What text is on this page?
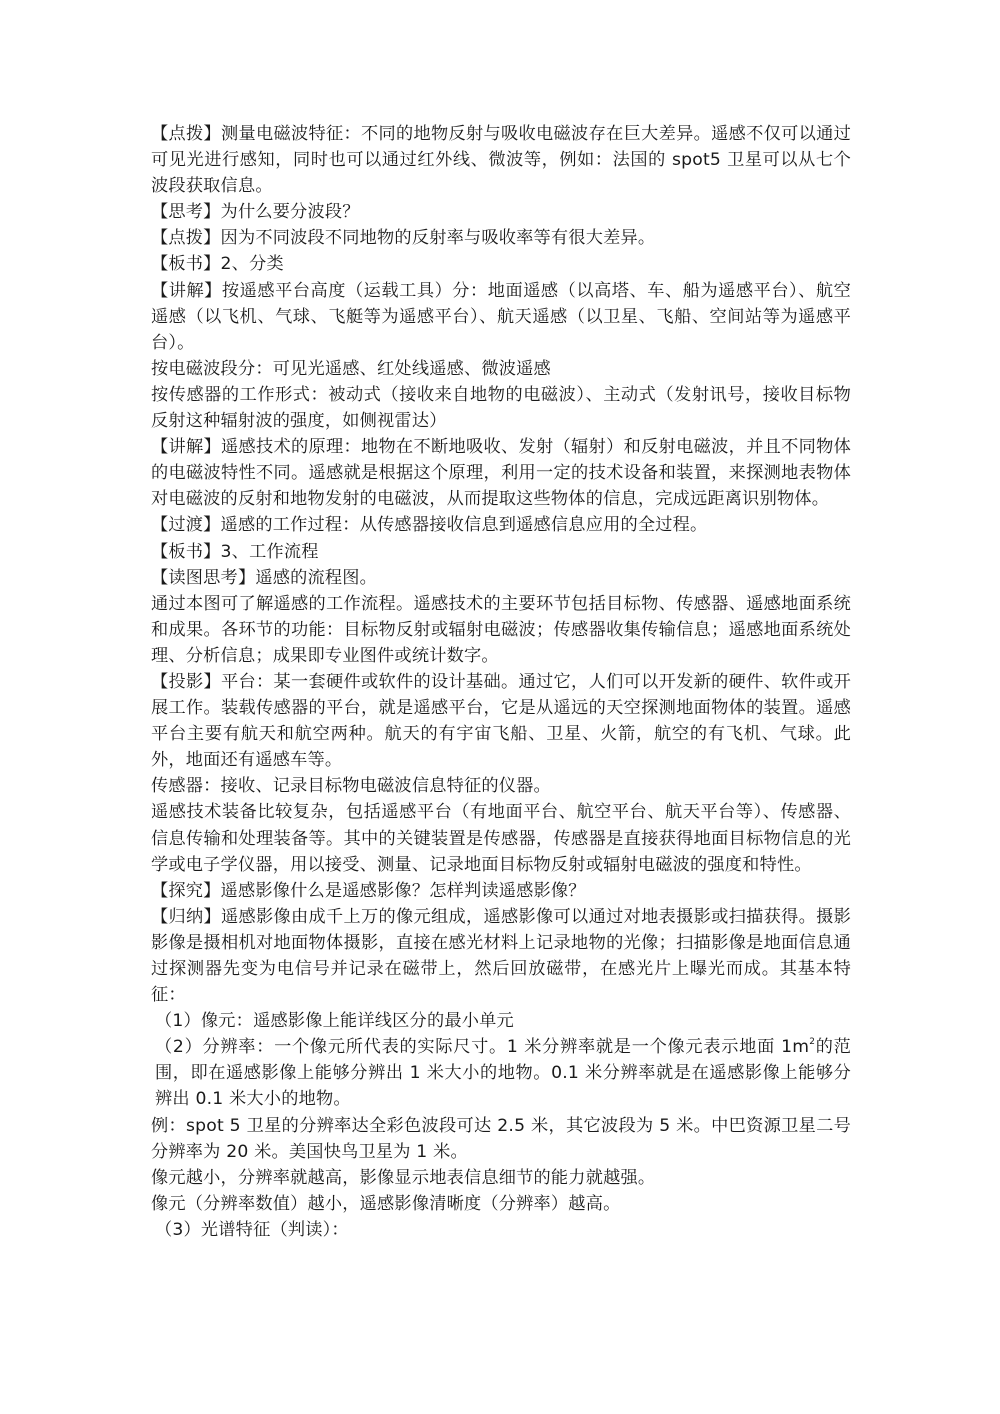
【点拨】测量电磁波特征：不同的地物反射与吸收电磁波存在巨大差异。遥感不仅可以通过可见光进行感知，同时也可以通过红外线、微波等，例如：法国的 spot5 卫星可以从七个波段获取信息。

【思考】为什么要分波段？

【点拨】因为不同波段不同地物的反射率与吸收率等有很大差异。

【板书】2、分类

【讲解】按遥感平台高度（运载工具）分：地面遥感（以高塔、车、船为遥感平台）、航空遥感（以飞机、气球、飞艇等为遥感平台）、航天遥感（以卫星、飞船、空间站等为遥感平台）。

按电磁波段分：可见光遥感、红处线遥感、微波遥感

按传感器的工作形式：被动式（接收来自地物的电磁波）、主动式（发射讯号，接收目标物反射这种辐射波的强度，如侧视雷达）

【讲解】遥感技术的原理：地物在不断地吸收、发射（辐射）和反射电磁波，并且不同物体的电磁波特性不同。遥感就是根据这个原理，利用一定的技术设备和装置，来探测地表物体对电磁波的反射和地物发射的电磁波，从而提取这些物体的信息，完成远距离识别物体。

【过渡】遥感的工作过程：从传感器接收信息到遥感信息应用的全过程。

【板书】3、工作流程

【读图思考】遥感的流程图。

通过本图可了解遥感的工作流程。遥感技术的主要环节包括目标物、传感器、遥感地面系统和成果。各环节的功能：目标物反射或辐射电磁波；传感器收集传输信息；遥感地面系统处理、分析信息；成果即专业图件或统计数字。

【投影】平台：某一套硬件或软件的设计基础。通过它，人们可以开发新的硬件、软件或开展工作。装载传感器的平台，就是遥感平台，它是从遥远的天空探测地面物体的装置。遥感平台主要有航天和航空两种。航天的有宇宙飞船、卫星、火箭，航空的有飞机、气球。此外，地面还有遥感车等。

传感器：接收、记录目标物电磁波信息特征的仪器。

遥感技术装备比较复杂，包括遥感平台（有地面平台、航空平台、航天平台等）、传感器、信息传输和处理装备等。其中的关键装置是传感器，传感器是直接获得地面目标物信息的光学或电子学仪器，用以接受、测量、记录地面目标物反射或辐射电磁波的强度和特性。

【探究】遥感影像什么是遥感影像？怎样判读遥感影像？

【归纳】遥感影像由成千上万的像元组成，遥感影像可以通过对地表摄影或扫描获得。摄影影像是摄相机对地面物体摄影，直接在感光材料上记录地物的光像；扫描影像是地面信息通过探测器先变为电信号并记录在磁带上，然后回放磁带，在感光片上曝光而成。其基本特征：

（1）像元：遥感影像上能详线区分的最小单元

（2）分辨率：一个像元所代表的实际尺寸。1 米分辨率就是一个像元表示地面 $1m^2$的范围，即在遥感影像上能够分辨出 1 米大小的地物。0.1 米分辨率就是在遥感影像上能够分辨出 0.1 米大小的地物。

例：spot 5 卫星的分辨率达全彩色波段可达 2.5 米，其它波段为 5 米。中巴资源卫星二号分辨率为 20 米。美国快鸟卫星为 1 米。

像元越小，分辨率就越高，影像显示地表信息细节的能力就越强。

像元（分辨率数值）越小，遥感影像清晰度（分辨率）越高。

（3）光谱特征（判读）：
